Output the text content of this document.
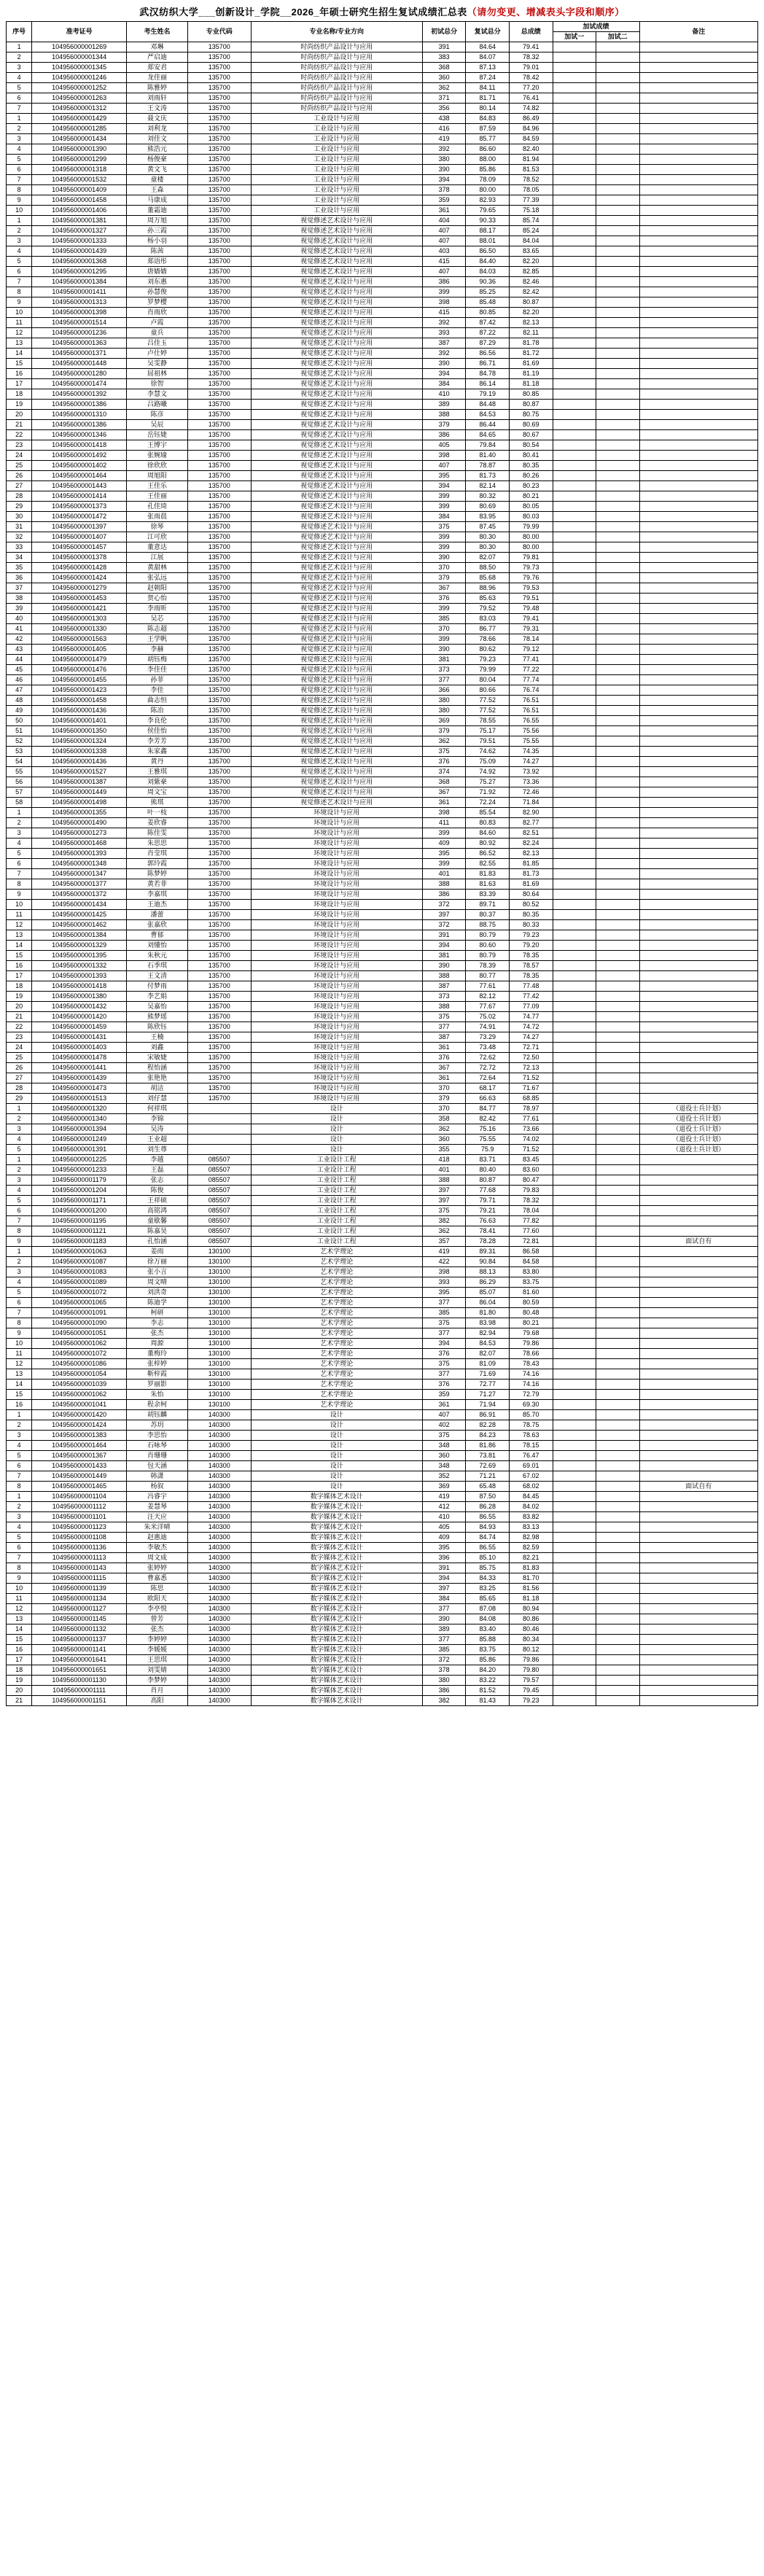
武汉纺织大学___创新设计_学院__2026_年硕士研究生招生复试成绩汇总表（请勿变更、增减表头字段和顺序）
序号	准考证号	考生姓名	专业代码	专业名称/专业方向	初试总分	复试总分	总成绩	加试成绩		备注
								加试一	加试二	
1	104956000001269	邓琳	135700	时尚纺织产品设计与应用	391	84.64	79.41			
2	104956000001344	严启迪	135700	时尚纺织产品设计与应用	383	84.07	78.32			
3	104956000001345	郑安君	135700	时尚纺织产品设计与应用	368	87.13	79.01			
4	104956000001246	龙佳丽	135700	时尚纺织产品设计与应用	360	87.24	78.42			
5	104956000001252	陈雅婷	135700	时尚纺织产品设计与应用	362	84.11	77.20			
6	104956000001263	刘雨轩	135700	时尚纺织产品设计与应用	371	81.71	76.41			
7	104956000001312	王文涛	135700	时尚纺织产品设计与应用	356	80.14	74.82			
1	104956000001429	聂文庆	135700	工业设计与应用	438	84.83	86.49			
2	104956000001285	刘利龙	135700	工业设计与应用	416	87.59	84.96			
3	104956000001434	刘佳文	135700	工业设计与应用	419	85.77	84.59			
4	104956000001390	熊浩元	135700	工业设计与应用	392	86.60	82.40			
5	104956000001299	杨俊豪	135700	工业设计与应用	380	88.00	81.94			
6	104956000001318	黄文飞	135700	工业设计与应用	390	85.86	81.53			
7	104956000001532	童楼	135700	工业设计与应用	394	78.09	78.52			
8	104956000001409	王森	135700	工业设计与应用	378	80.00	78.05			
9	104956000001458	马康成	135700	工业设计与应用	359	82.93	77.39			
10	104956000001406	董霜迪	135700	工业设计与应用	361	79.65	75.18			
1	104956000001381	周万旭	135700	视觉修述艺术设计与应用	404	90.33	85.74			
2	104956000001327	孙三霞	135700	视觉修述艺术设计与应用	407	88.17	85.24			
3	104956000001333	杨小羽	135700	视觉修述艺术设计与应用	407	88.01	84.04			
4	104956000001439	陈茜	135700	视觉修述艺术设计与应用	403	86.50	83.65			
5	104956000001368	郑语彤	135700	视觉修述艺术设计与应用	415	84.40	82.20			
6	104956000001295	唐嫱嫱	135700	视觉修述艺术设计与应用	407	84.03	82.85			
7	104956000001384	刘东惠	135700	视觉修述艺术设计与应用	386	90.36	82.46			
8	104956000001411	孙慧俊	135700	视觉修述艺术设计与应用	399	85.25	82.42			
9	104956000001313	罗梦樱	135700	视觉修述艺术设计与应用	398	85.48	80.87			
10	104956000001398	肖雨欣	135700	视觉修述艺术设计与应用	415	80.85	82.20			
11	104956000001514	卢霞	135700	视觉修述艺术设计与应用	392	87.42	82.13			
12	104956000001236	童兵	135700	视觉修述艺术设计与应用	393	87.22	82.11			
13	104956000001363	吕佳玉	135700	视觉修述艺术设计与应用	387	87.29	81.78			
14	104956000001371	卢仕婷	135700	视觉修述艺术设计与应用	392	86.56	81.72			
15	104956000001448	吴雯静	135700	视觉修述艺术设计与应用	390	86.71	81.69			
16	104956000001280	屈祖林	135700	视觉修述艺术设计与应用	394	84.78	81.19			
17	104956000001474	徐智	135700	视觉修述艺术设计与应用	384	86.14	81.18			
18	104956000001392	李慧文	135700	视觉修述艺术设计与应用	410	79.19	80.85			
19	104956000001386	吕路曦	135700	视觉修述艺术设计与应用	389	84.48	80.87			
20	104956000001310	陈彦	135700	视觉修述艺术设计与应用	388	84.53	80.75			
21	104956000001386	吴辰	135700	视觉修述艺术设计与应用	379	86.44	80.69			
22	104956000001346	岳钰婕	135700	视觉修述艺术设计与应用	386	84.65	80.67			
23	104956000001418	王博宇	135700	视觉修述艺术设计与应用	405	79.84	80.54			
24	104956000001492	张婉瑜	135700	视觉修述艺术设计与应用	398	81.40	80.41			
25	104956000001402	徐欣欣	135700	视觉修述艺术设计与应用	407	78.87	80.35			
26	104956000001464	周旭阳	135700	视觉修述艺术设计与应用	395	81.73	80.26			
27	104956000001443	王佳乐	135700	视觉修述艺术设计与应用	394	82.14	80.23			
28	104956000001414	王佳丽	135700	视觉修述艺术设计与应用	399	80.32	80.21			
29	104956000001373	孔佳琦	135700	视觉修述艺术设计与应用	399	80.69	80.05			
30	104956000001472	张雨晨	135700	视觉修述艺术设计与应用	384	83.95	80.03			
31	104956000001397	徐琴	135700	视觉修述艺术设计与应用	375	87.45	79.99			
32	104956000001407	江可欣	135700	视觉修述艺术设计与应用	399	80.30	80.00			
33	104956000001457	董意达	135700	视觉修述艺术设计与应用	399	80.30	80.00			
34	104956000001378	江展	135700	视觉修述艺术设计与应用	390	82.07	79.81			
35	104956000001428	黄甜林	135700	视觉修述艺术设计与应用	370	88.50	79.73			
36	104956000001424	张弘远	135700	视觉修述艺术设计与应用	379	85.68	79.76			
37	104956000001279	赵朝阳	135700	视觉修述艺术设计与应用	367	88.96	79.53			
38	104956000001453	贺心怡	135700	视觉修述艺术设计与应用	376	85.63	79.51			
39	104956000001421	李雨昕	135700	视觉修述艺术设计与应用	399	79.52	79.48			
40	104956000001303	吴芯	135700	视觉修述艺术设计与应用	385	83.03	79.41			
41	104956000001330	陈志超	135700	视觉修述艺术设计与应用	370	86.77	79.31			
42	104956000001563	王学帆	135700	视觉修述艺术设计与应用	399	78.66	78.14			
43	104956000001405	李赫	135700	视觉修述艺术设计与应用	390	80.62	79.12			
44	104956000001479	胡钰梅	135700	视觉修述艺术设计与应用	381	79.23	77.41			
45	104956000001476	李佳佳	135700	视觉修述艺术设计与应用	373	79.99	77.22			
46	104956000001455	孙菲	135700	视觉修述艺术设计与应用	377	80.04	77.74			
47	104956000001423	李佳	135700	视觉修述艺术设计与应用	366	80.66	76.74			
48	104956000001458	曲志恒	135700	视觉修述艺术设计与应用	380	77.52	76.51			
49	104956000001436	陈冶	135700	视觉修述艺术设计与应用	380	77.52	76.51			
50	104956000001401	李良伦	135700	视觉修述艺术设计与应用	369	78.55	76.55			
51	104956000001350	侯佳怡	135700	视觉修述艺术设计与应用	379	75.17	75.56			
52	104956000001324	李芳芳	135700	视觉修述艺术设计与应用	362	79.51	75.55			
53	104956000001338	朱家鑫	135700	视觉修述艺术设计与应用	375	74.62	74.35			
54	104956000001436	黄丹	135700	视觉修述艺术设计与应用	376	75.09	74.27			
55	104956000001527	王雅琪	135700	视觉修述艺术设计与应用	374	74.92	73.92			
56	104956000001387	刘紫豪	135700	视觉修述艺术设计与应用	368	75.27	73.36			
57	104956000001449	周文宝	135700	视觉修述艺术设计与应用	367	71.92	72.46			
58	104956000001498	熊琪	135700	视觉修述艺术设计与应用	361	72.24	71.84			
1	104956000001355	叶一枝	135700	环境设计与应用	398	85.54	82.90			
2	104956000001490	姜欣睿	135700	环境设计与应用	411	80.83	82.77			
3	104956000001273	陈佳雯	135700	环境设计与应用	399	84.60	82.51			
4	104956000001468	朱思思	135700	环境设计与应用	409	80.92	82.24			
5	104956000001393	肖莹琪	135700	环境设计与应用	395	86.52	82.13			
6	104956000001348	郭玲霞	135700	环境设计与应用	399	82.55	81.85			
7	104956000001347	陈梦婷	135700	环境设计与应用	401	81.83	81.73			
8	104956000001377	黄若菲	135700	环境设计与应用	388	81.63	81.69			
9	104956000001372	李嘉琪	135700	环境设计与应用	386	83.39	80.64			
10	104956000001434	王迪杰	135700	环境设计与应用	372	89.71	80.52			
11	104956000001425	潘蕾	135700	环境设计与应用	397	80.37	80.35			
12	104956000001462	张嘉欣	135700	环境设计与应用	372	88.75	80.33			
13	104956000001384	曹郁	135700	环境设计与应用	391	80.79	79.23			
14	104956000001329	刘懂怡	135700	环境设计与应用	394	80.60	79.20			
15	104956000001395	朱秋元	135700	环境设计与应用	381	80.79	78.35			
16	104956000001332	石季琪	135700	环境设计与应用	390	78.39	78.57			
17	104956000001393	王文清	135700	环境设计与应用	388	80.77	78.35			
18	104956000001418	付梦雨	135700	环境设计与应用	387	77.61	77.48			
19	104956000001380	李艺娟	135700	环境设计与应用	373	82.12	77.42			
20	104956000001432	吴嘉怡	135700	环境设计与应用	388	77.67	77.09			
21	104956000001420	熊梦瑶	135700	环境设计与应用	375	75.02	74.77			
22	104956000001459	陈欣钰	135700	环境设计与应用	377	74.91	74.72			
23	104956000001431	王楠	135700	环境设计与应用	387	73.29	74.27			
24	104956000001403	刘鑫	135700	环境设计与应用	361	73.48	72.71			
25	104956000001478	宋敏婕	135700	环境设计与应用	376	72.62	72.50			
26	104956000001441	程怡涵	135700	环境设计与应用	367	72.72	72.13			
27	104956000001439	张艳艳	135700	环境设计与应用	361	72.64	71.52			
28	104956000001473	胡洁	135700	环境设计与应用	370	68.17	71.67			
29	104956000001513	刘仔慧	135700	环境设计与应用	379	66.63	68.85			
1	104956000001320	何祥琪		设计	370	84.77	78.97			（退役士兵计划）
2	104956000001340	李锦		设计	358	82.42	77.61			（退役士兵计划）
3	104956000001394	吴涛		设计	362	75.16	73.66			（退役士兵计划）
4	104956000001249	王业超		设计	360	75.55	74.02			（退役士兵计划）
5	104956000001391	刘生尊		设计	355	75.9	71.52			（退役士兵计划）
1	104956000001225	李越	085507	工业设计工程	418	83.71	83.45			
2	104956000001233	王磊	085507	工业设计工程	401	80.40	83.60			
3	104956000001179	张志	085507	工业设计工程	388	80.87	80.47			
4	104956000001204	陈俊	085507	工业设计工程	397	77.68	79.83			
5	104956000001171	王祥硕	085507	工业设计工程	397	79.71	78.32			
6	104956000001200	高铭鸿	085507	工业设计工程	375	79.21	78.04			
7	104956000001195	童歇馨	085507	工业设计工程	382	76.63	77.82			
8	104956000001121	陈嘉昊	085507	工业设计工程	362	78.41	77.60			
9	104956000001183	孔怡涵	085507	工业设计工程	357	78.28	72.81			面试自有
1	104956000001063	姜雨	130100	艺术学理论	419	89.31	86.58			
2	104956000001087	徐万丽	130100	艺术学理论	422	90.84	84.58			
3	104956000001083	张小言	130100	艺术学理论	398	88.13	83.80			
4	104956000001089	周文晴	130100	艺术学理论	393	86.29	83.75			
5	104956000001072	刘洪奇	130100	艺术学理论	395	85.07	81.60			
6	104956000001065	陈迪学	130100	艺术学理论	377	86.04	80.59			
7	104956000001091	柯研	130100	艺术学理论	385	81.80	80.48			
8	104956000001090	李志	130100	艺术学理论	375	83.98	80.21			
9	104956000001051	张杰	130100	艺术学理论	377	82.94	79.68			
10	104956000001062	周源	130100	艺术学理论	394	84.53	79.86			
11	104956000001072	董梅玲	130100	艺术学理论	376	82.07	78.66			
12	104956000001086	张梓婷	130100	艺术学理论	375	81.09	78.43			
13	104956000001054	靳梓霞	130100	艺术学理论	377	71.69	74.16			
14	104956000001039	罗丽影	130100	艺术学理论	376	72.77	74.16			
15	104956000001062	朱怡	130100	艺术学理论	359	71.27	72.79			
16	104956000001041	程余柯	130100	艺术学理论	361	71.94	69.30			
1	104956000001420	胡钰麟	140300	设计	407	86.91	85.70			
2	104956000001424	苏玥	140300	设计	402	82.28	78.75			
3	104956000001383	李思怡	140300	设计	375	84.23	78.63			
4	104956000001464	石咏琴	140300	设计	348	81.86	78.15			
5	104956000001367	肖珊珊	140300	设计	360	73.81	76.47			
6	104956000001433	包天涵	140300	设计	348	72.69	69.01			
7	104956000001449	韩潇	140300	设计	352	71.21	67.02			
8	104956000001465	杨叙	140300	设计	369	65.48	68.02			面试自有
1	104956000001104	冯睿宇	140300	数字媒体艺术设计	419	87.50	84.45			
2	104956000001112	姜慧琴	140300	数字媒体艺术设计	412	86.28	84.02			
3	104956000001101	汪天应	140300	数字媒体艺术设计	410	86.55	83.82			
4	104956000001123	朱米洋晴	140300	数字媒体艺术设计	405	84.93	83.13			
5	104956000001108	赵惠迪	140300	数字媒体艺术设计	409	84.74	82.98			
6	104956000001136	李敏杰	140300	数字媒体艺术设计	395	86.55	82.59			
7	104956000001113	周文成	140300	数字媒体艺术设计	396	85.10	82.21			
8	104956000001143	张婷婷	140300	数字媒体艺术设计	391	85.75	81.83			
9	104956000001115	曹嘉悉	140300	数字媒体艺术设计	394	84.33	81.70			
10	104956000001139	陈思	140300	数字媒体艺术设计	397	83.25	81.56			
11	104956000001134	欧阳天	140300	数字媒体艺术设计	384	85.65	81.18			
12	104956000001127	李亭悦	140300	数字媒体艺术设计	377	87.08	80.94			
13	104956000001145	曾芳	140300	数字媒体艺术设计	390	84.08	80.86			
14	104956000001132	张杰	140300	数字媒体艺术设计	389	83.40	80.46			
15	104956000001137	李婷婷	140300	数字媒体艺术设计	377	85.88	80.34			
16	104956000001141	李媛媛	140300	数字媒体艺术设计	385	83.75	80.12			
17	104956000001641	王思琪	140300	数字媒体艺术设计	372	85.86	79.86			
18	104956000001651	刘雯婧	140300	数字媒体艺术设计	378	84.20	79.80			
19	104956000001130	李梦婷	140300	数字媒体艺术设计	380	83.22	79.57			
20	104956000001111	肖月	140300	数字媒体艺术设计	386	81.52	79.45			
21	104956000001151	高阳	140300	数字媒体艺术设计	382	81.43	79.23			
